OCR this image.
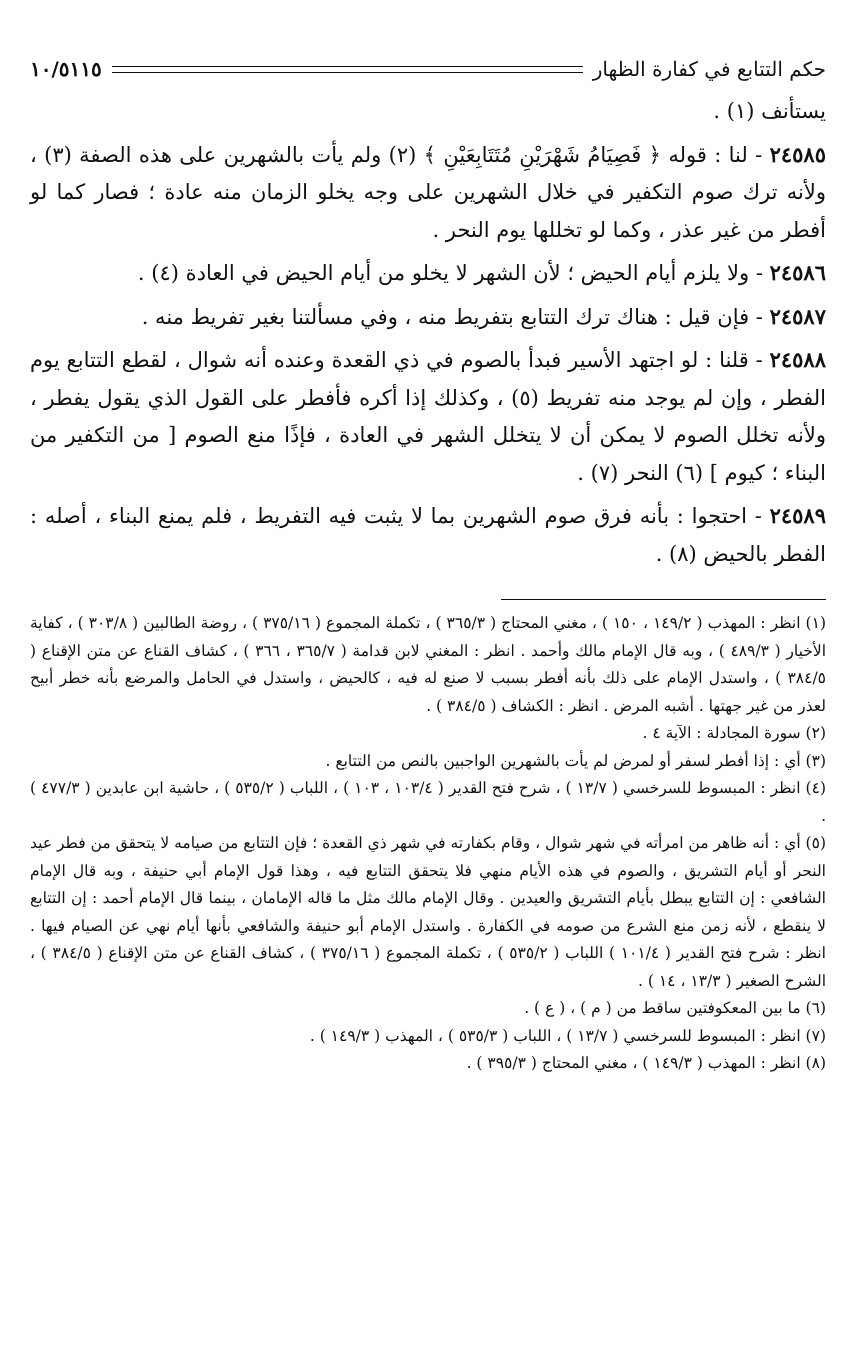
حكم التتابع في كفارة الظهار
١٠/٥١١٥

يستأنف (١) .

٢٤٥٨٥ - لنا : قوله ﴿ فَصِيَامُ شَهْرَيْنِ مُتَتَابِعَيْنِ ﴾ (٢) ولم يأت بالشهرين على هذه الصفة (٣) ، ولأنه ترك صوم التكفير في خلال الشهرين على وجه يخلو الزمان منه عادة ؛ فصار كما لو أفطر من غير عذر ، وكما لو تخللها يوم النحر .

٢٤٥٨٦ - ولا يلزم أيام الحيض ؛ لأن الشهر لا يخلو من أيام الحيض في العادة (٤) .

٢٤٥٨٧ - فإن قيل : هناك ترك التتابع بتفريط منه ، وفي مسألتنا بغير تفريط منه .

٢٤٥٨٨ - قلنا : لو اجتهد الأسير فبدأ بالصوم في ذي القعدة وعنده أنه شوال ، لقطع التتابع يوم الفطر ، وإن لم يوجد منه تفريط (٥) ، وكذلك إذا أكره فأفطر على القول الذي يقول يفطر ، ولأنه تخلل الصوم لا يمكن أن لا يتخلل الشهر في العادة ، فإذًا منع الصوم [ من التكفير من البناء ؛ كيوم ] (٦) النحر (٧) .

٢٤٥٨٩ - احتجوا : بأنه فرق صوم الشهرين بما لا يثبت فيه التفريط ، فلم يمنع البناء ، أصله : الفطر بالحيض (٨) .

(١) انظر : المهذب ( ١٤٩/٢ ، ١٥٠ ) ، مغني المحتاج ( ٣٦٥/٣ ) ، تكملة المجموع ( ٣٧٥/١٦ ) ، روضة الطالبين ( ٣٠٣/٨ ) ، كفاية الأخيار ( ٤٨٩/٣ ) ، وبه قال الإمام مالك وأحمد . انظر : المغني لابن قدامة ( ٣٦٥/٧ ، ٣٦٦ ) ، كشاف القناع عن متن الإقناع ( ٣٨٤/٥ ) ، واستدل الإمام على ذلك بأنه أفطر بسبب لا صنع له فيه ، كالحيض ، واستدل في الحامل والمرضع بأنه خطر أبيح لعذر من غير جهتها . أشبه المرض . انظر : الكشاف ( ٣٨٤/٥ ) .

(٢) سورة المجادلة : الآية ٤ .

(٣) أي : إذا أفطر لسفر أو لمرض لم يأت بالشهرين الواجبين بالنص من التتابع .

(٤) انظر : المبسوط للسرخسي ( ١٣/٧ ) ، شرح فتح القدير ( ١٠٣/٤ ، ١٠٣ ) ، اللباب ( ٥٣٥/٢ ) ، حاشية ابن عابدين ( ٤٧٧/٣ ) .

(٥) أي : أنه ظاهر من امرأته في شهر شوال ، وقام بكفارته في شهر ذي القعدة ؛ فإن التتابع من صيامه لا يتحقق من فطر عيد النحر أو أيام التشريق ، والصوم في هذه الأيام منهي فلا يتحقق التتابع فيه ، وهذا قول الإمام أبي حنيفة ، وبه قال الإمام الشافعي : إن التتابع يبطل بأيام التشريق والعيدين . وقال الإمام مالك مثل ما قاله الإمامان ، بينما قال الإمام أحمد : إن التتابع لا ينقطع ، لأنه زمن منع الشرع من صومه في الكفارة . واستدل الإمام أبو حنيفة والشافعي بأنها أيام نهي عن الصيام فيها . انظر : شرح فتح القدير ( ١٠١/٤ ) اللباب ( ٥٣٥/٢ ) ، تكملة المجموع ( ٣٧٥/١٦ ) ، كشاف القناع عن متن الإقناع ( ٣٨٤/٥ ) ، الشرح الصغير ( ١٣/٣ ، ١٤ ) .

(٦) ما بين المعكوفتين ساقط من ( م ) ، ( ع ) .

(٧) انظر : المبسوط للسرخسي ( ١٣/٧ ) ، اللباب ( ٥٣٥/٣ ) ، المهذب ( ١٤٩/٣ ) .

(٨) انظر : المهذب ( ١٤٩/٣ ) ، مغني المحتاج ( ٣٩٥/٣ ) .
